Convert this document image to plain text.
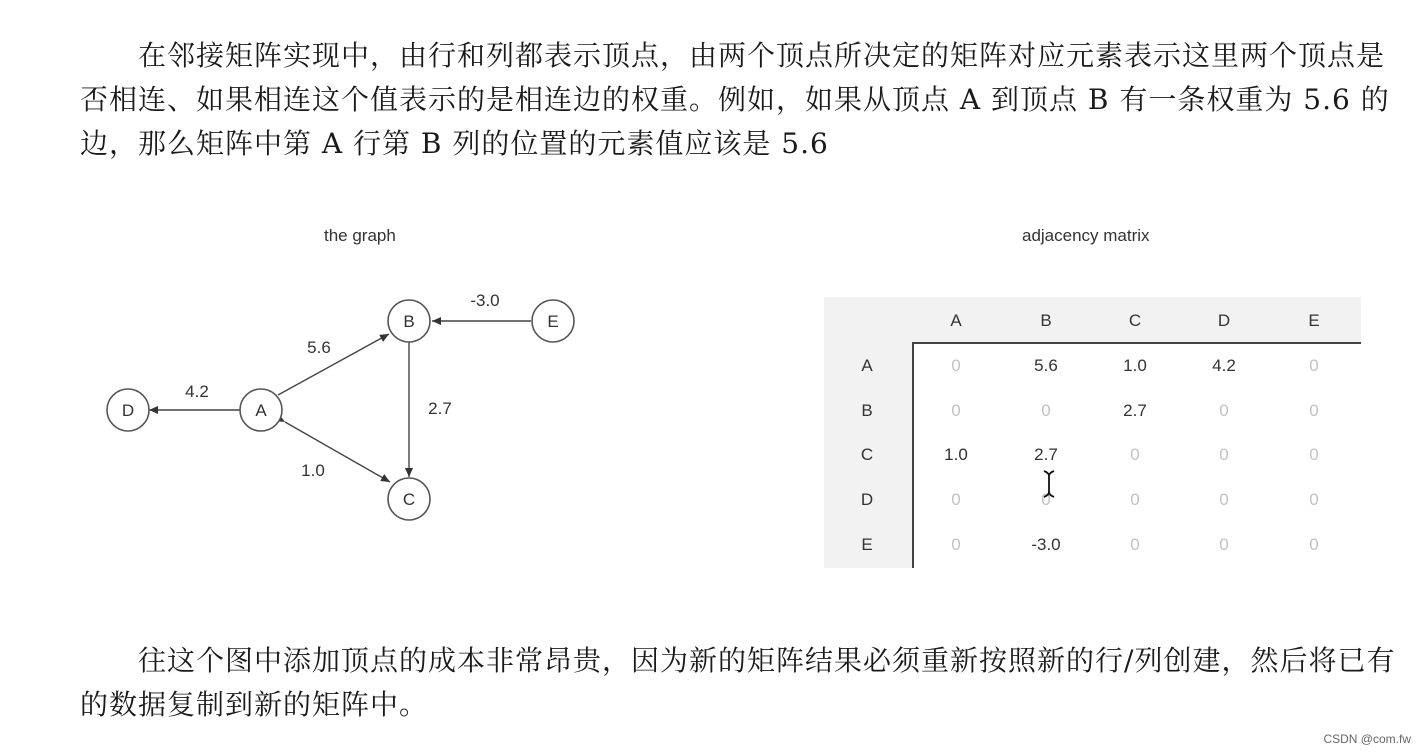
在邻接矩阵实现中，由行和列都表示顶点，由两个顶点所决定的矩阵对应元素表示这里两个顶点是否相连、如果相连这个值表示的是相连边的权重。例如，如果从顶点 A 到顶点 B 有一条权重为 5.6 的边，那么矩阵中第 A 行第 B 列的位置的元素值应该是 5.6
the graph	adjacency matrix
D	A
B
C
E
4.2
5.6
1.0
2.7
-3.0
A	B	C	D	E
A	0	5.6	1.0	4.2	0
B	0	0	2.7	0	0
C	1.0	2.7	0	0	0
D	0	0	0	0	0
E	0	-3.0	0	0	0
往这个图中添加顶点的成本非常昂贵，因为新的矩阵结果必须重新按照新的行/列创建，然后将已有的数据复制到新的矩阵中。
CSDN @com.fw
